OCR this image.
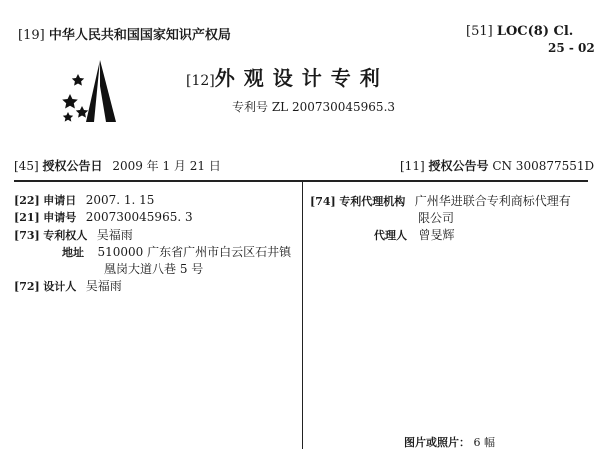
[19] 中华人民共和国国家知识产权局	[51] LOC(8) Cl.
25 - 02
[12]外观设计专利
专利号 ZL 200730045965.3
[45] 授权公告日 2009 年 1 月 21 日	[11] 授权公告号 CN 300877551D
[22] 申请日 2007. 1. 15
[21] 申请号 200730045965. 3
[73] 专利权人 吴福雨
地址 510000 广东省广州市白云区石井镇
凰岗大道八巷 5 号
[72] 设计人 吴福雨
[74] 专利代理机构 广州华进联合专利商标代理有
限公司
代理人 曾旻辉
图片或照片： 6 幅
